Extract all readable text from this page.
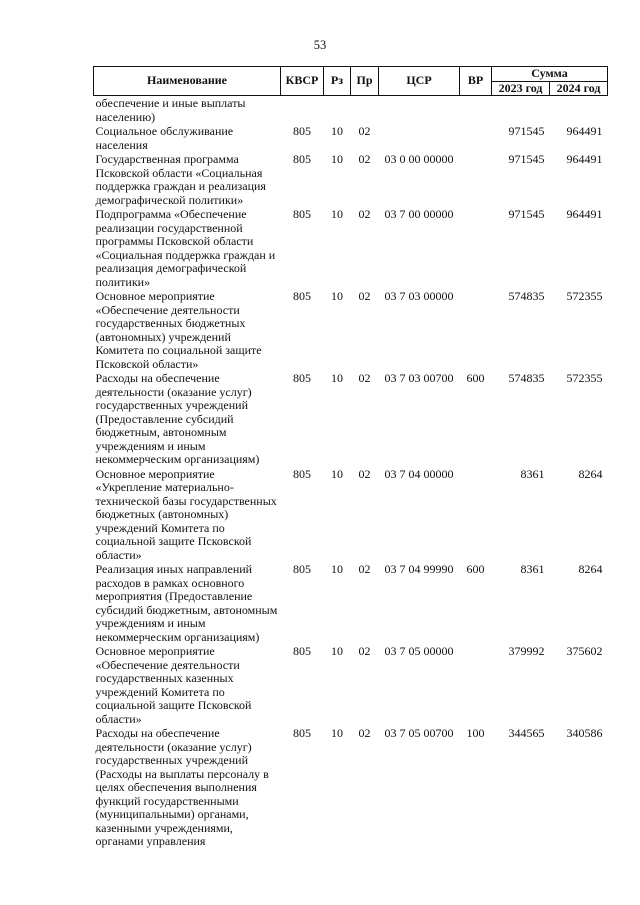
53
Наименование	КВСР	Рз	Пр	ЦСР	ВР	Сумма	
						2023 год	2024 год
обеспечение и иные выплаты населению)							
Социальное обслуживание населения	805	10	02			971545	964491
Государственная программа Псковской области «Социальная поддержка граждан и реализация демографической политики»	805	10	02	03 0 00 00000		971545	964491
Подпрограмма «Обеспечение реализации государственной программы Псковской области «Социальная поддержка граждан и реализация демографической политики»	805	10	02	03 7 00 00000		971545	964491
Основное мероприятие «Обеспечение деятельности государственных бюджетных (автономных) учреждений Комитета по социальной защите Псковской области»	805	10	02	03 7 03 00000		574835	572355
Расходы на обеспечение деятельности (оказание услуг) государственных учреждений (Предоставление субсидий бюджетным, автономным учреждениям и иным некоммерческим организациям)	805	10	02	03 7 03 00700	600	574835	572355
Основное мероприятие «Укрепление материально-технической базы государственных бюджетных (автономных) учреждений Комитета по социальной защите Псковской области»	805	10	02	03 7 04 00000		8361	8264
Реализация иных направлений расходов в рамках основного мероприятия (Предоставление субсидий бюджетным, автономным учреждениям и иным некоммерческим организациям)	805	10	02	03 7 04 99990	600	8361	8264
Основное мероприятие «Обеспечение деятельности государственных казенных учреждений Комитета по социальной защите Псковской области»	805	10	02	03 7 05 00000		379992	375602
Расходы на обеспечение деятельности (оказание услуг) государственных учреждений (Расходы на выплаты персоналу в целях обеспечения выполнения функций государственными (муниципальными) органами, казенными учреждениями, органами управления	805	10	02	03 7 05 00700	100	344565	340586
